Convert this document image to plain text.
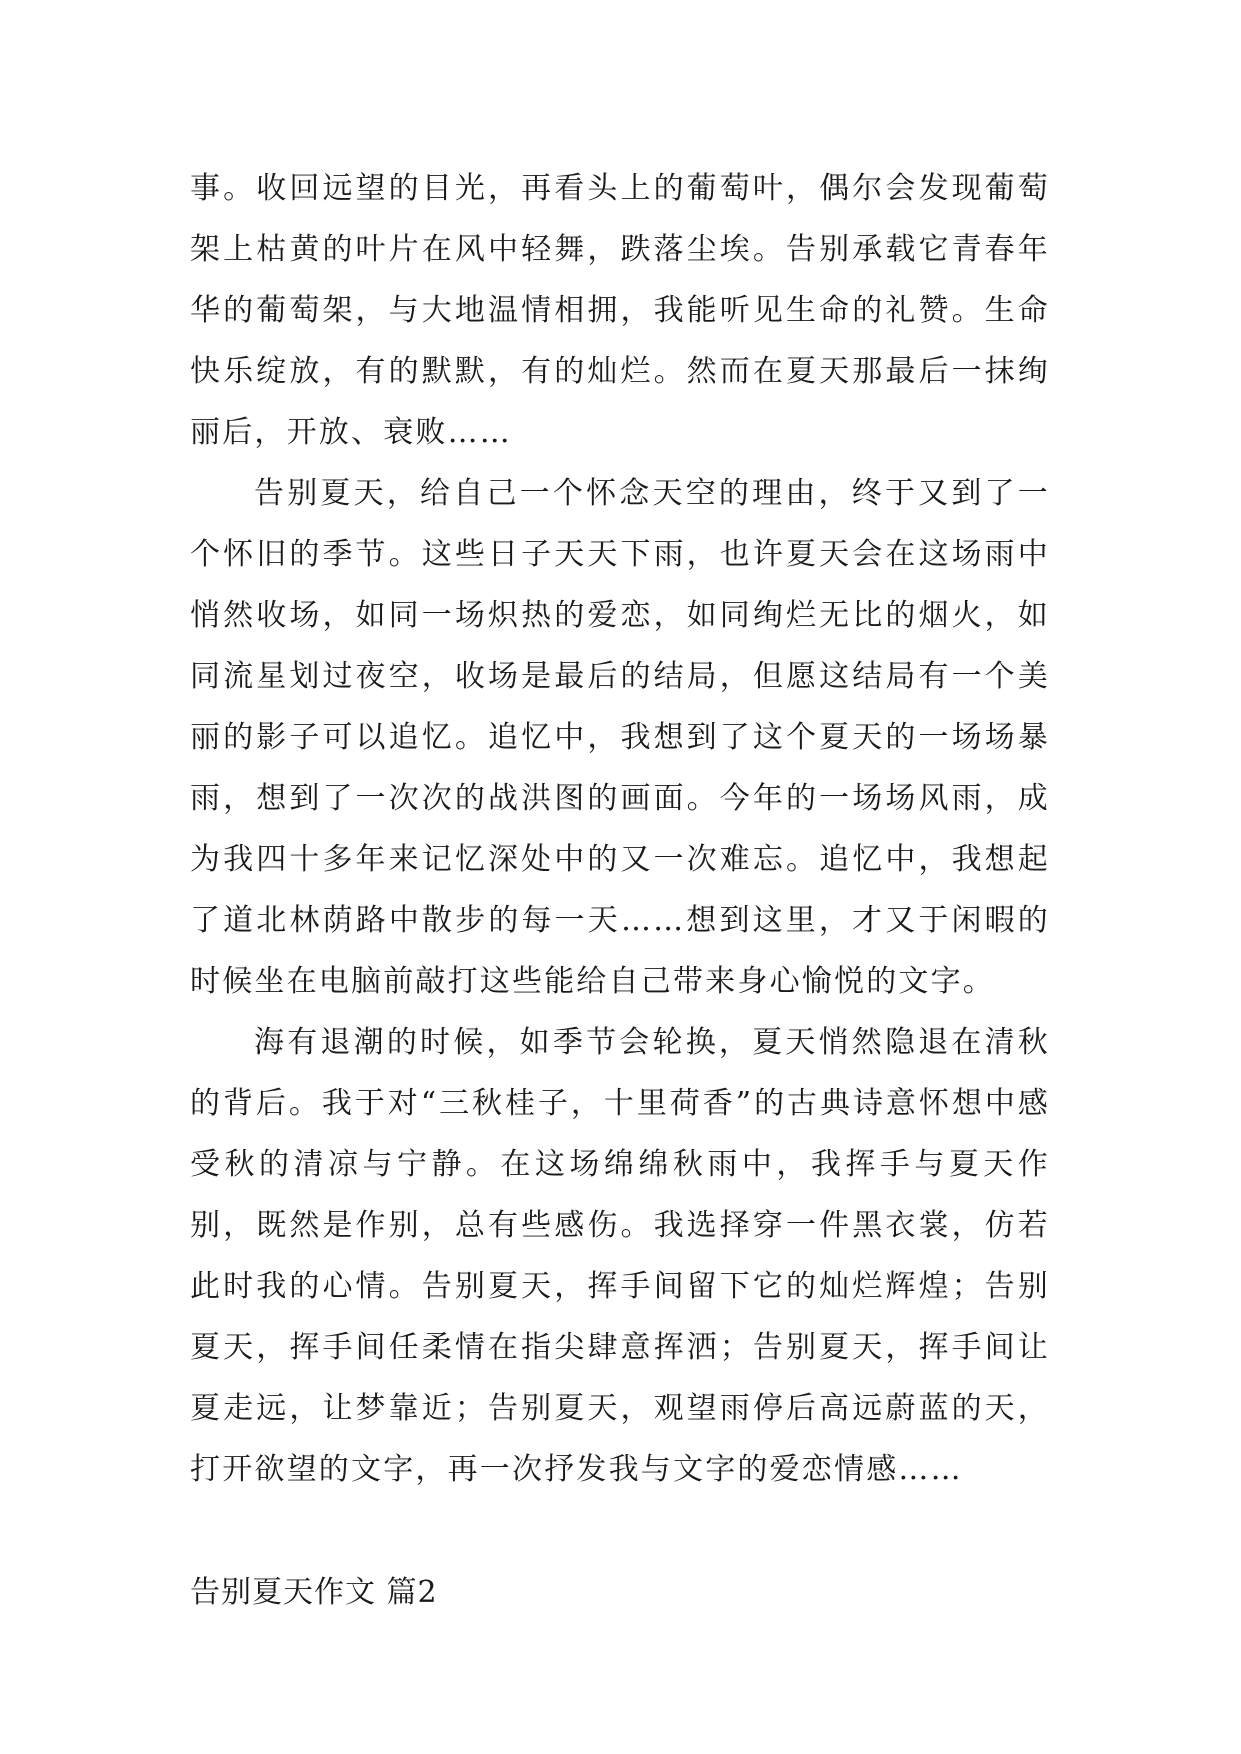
事。收回远望的目光，再看头上的葡萄叶，偶尔会发现葡萄架上枯黄的叶片在风中轻舞，跌落尘埃。告别承载它青春年华的葡萄架，与大地温情相拥，我能听见生命的礼赞。生命快乐绽放，有的默默，有的灿烂。然而在夏天那最后一抹绚丽后，开放、衰败……

告别夏天，给自己一个怀念天空的理由，终于又到了一个怀旧的季节。这些日子天天下雨，也许夏天会在这场雨中悄然收场，如同一场炽热的爱恋，如同绚烂无比的烟火，如同流星划过夜空，收场是最后的结局，但愿这结局有一个美丽的影子可以追忆。追忆中，我想到了这个夏天的一场场暴雨，想到了一次次的战洪图的画面。今年的一场场风雨，成为我四十多年来记忆深处中的又一次难忘。追忆中，我想起了道北林荫路中散步的每一天……想到这里，才又于闲暇的时候坐在电脑前敲打这些能给自己带来身心愉悦的文字。

海有退潮的时候，如季节会轮换，夏天悄然隐退在清秋的背后。我于对“三秋桂子，十里荷香”的古典诗意怀想中感受秋的清凉与宁静。在这场绵绵秋雨中，我挥手与夏天作别，既然是作别，总有些感伤。我选择穿一件黑衣裳，仿若此时我的心情。告别夏天，挥手间留下它的灿烂辉煌；告别夏天，挥手间任柔情在指尖肆意挥洒；告别夏天，挥手间让夏走远，让梦靠近；告别夏天，观望雨停后高远蔚蓝的天，打开欲望的文字，再一次抒发我与文字的爱恋情感……

告别夏天作文 篇2
